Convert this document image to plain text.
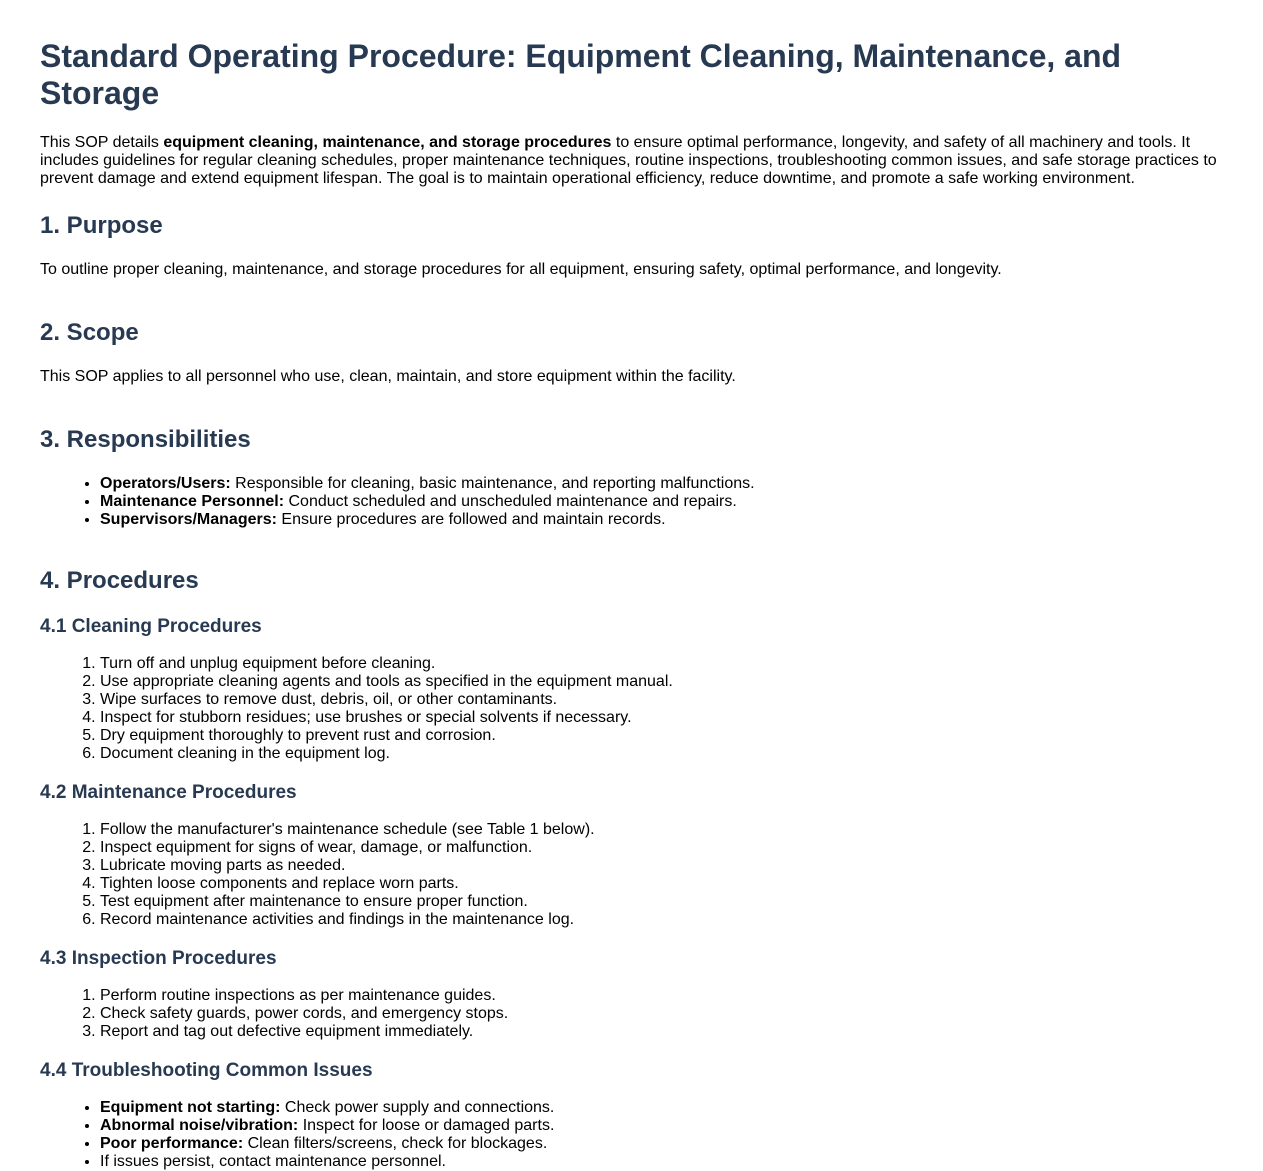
Standard Operating Procedure: Equipment Cleaning, Maintenance, and Storage

This SOP details equipment cleaning, maintenance, and storage procedures to ensure optimal performance, longevity, and safety of all machinery and tools. It includes guidelines for regular cleaning schedules, proper maintenance techniques, routine inspections, troubleshooting common issues, and safe storage practices to prevent damage and extend equipment lifespan. The goal is to maintain operational efficiency, reduce downtime, and promote a safe working environment.

1. Purpose

To outline proper cleaning, maintenance, and storage procedures for all equipment, ensuring safety, optimal performance, and longevity.

2. Scope

This SOP applies to all personnel who use, clean, maintain, and store equipment within the facility.

3. Responsibilities
• Operators/Users: Responsible for cleaning, basic maintenance, and reporting malfunctions.
• Maintenance Personnel: Conduct scheduled and unscheduled maintenance and repairs.
• Supervisors/Managers: Ensure procedures are followed and maintain records.
4. Procedures
4.1 Cleaning Procedures
1. Turn off and unplug equipment before cleaning.
2. Use appropriate cleaning agents and tools as specified in the equipment manual.
3. Wipe surfaces to remove dust, debris, oil, or other contaminants.
4. Inspect for stubborn residues; use brushes or special solvents if necessary.
5. Dry equipment thoroughly to prevent rust and corrosion.
6. Document cleaning in the equipment log.
4.2 Maintenance Procedures
1. Follow the manufacturer's maintenance schedule (see Table 1 below).
2. Inspect equipment for signs of wear, damage, or malfunction.
3. Lubricate moving parts as needed.
4. Tighten loose components and replace worn parts.
5. Test equipment after maintenance to ensure proper function.
6. Record maintenance activities and findings in the maintenance log.
4.3 Inspection Procedures
1. Perform routine inspections as per maintenance guides.
2. Check safety guards, power cords, and emergency stops.
3. Report and tag out defective equipment immediately.
4.4 Troubleshooting Common Issues
• Equipment not starting: Check power supply and connections.
• Abnormal noise/vibration: Inspect for loose or damaged parts.
• Poor performance: Clean filters/screens, check for blockages.
• If issues persist, contact maintenance personnel.
